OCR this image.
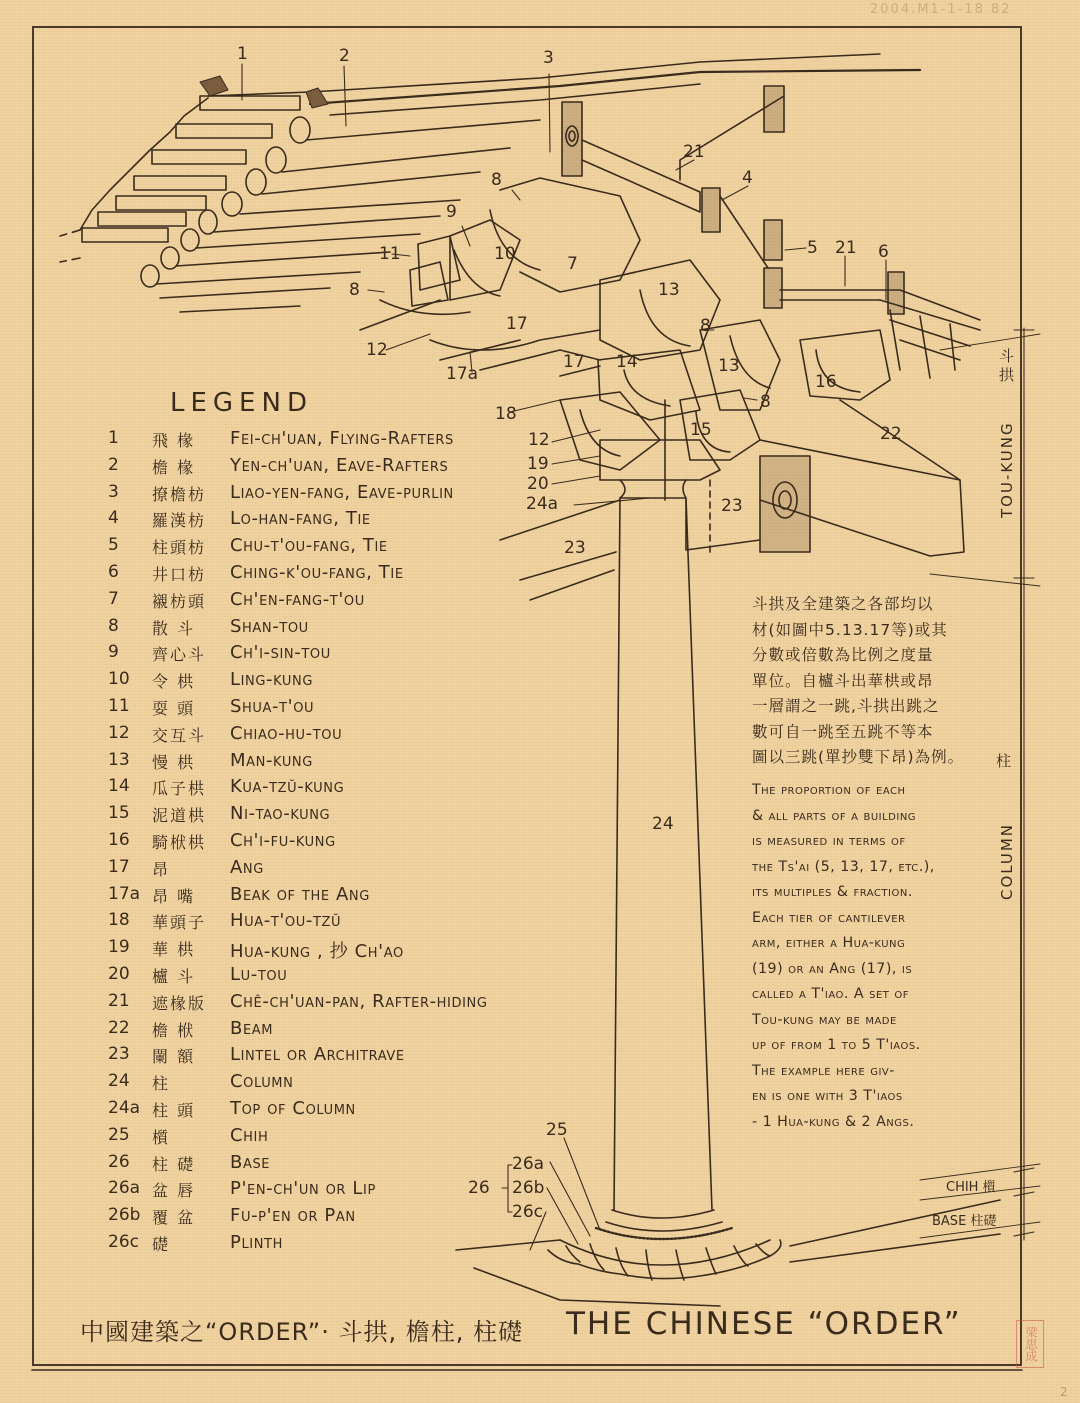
2004.M1-1-18 82
1	2	3
4
5	6
7
8
8
8
8
9
10
11
12
12
13
13
14
15
16
17
17
17a
18
19
20
21
21
22
23
23
24
24a
25
26
26a
26b
26c
斗拱
TOU-KUNG
柱
COLUMN
CHIH 櫍
BASE 柱礎
LEGEND
1	飛 椽	Fei-ch'uan, Flying-Rafters
2	檐 椽	Yen-ch'uan, Eave-Rafters
3	撩檐枋	Liao-yen-fang, Eave-purlin
4	羅漢枋	Lo-han-fang, Tie
5	柱頭枋	Chu-t'ou-fang, Tie
6	井口枋	Ching-k'ou-fang, Tie
7	襯枋頭	Ch'en-fang-t'ou
8	散 斗	Shan-tou
9	齊心斗	Ch'i-sin-tou
10	令 栱	Ling-kung
11	耍 頭	Shua-t'ou
12	交互斗	Chiao-hu-tou
13	慢 栱	Man-kung
14	瓜子栱	Kua-tzŭ-kung
15	泥道栱	Ni-tao-kung
16	騎栿栱	Ch'i-fu-kung
17	昂	Ang
17a 昂 嘴	Beak of the Ang
18	華頭子	Hua-t'ou-tzŭ
19	華 栱	Hua-kung , 抄 Ch'ao
20	櫨 斗	Lu-tou
21	遮椽版	Chê-ch'uan-pan, Rafter-hiding
22	檐 栿	Beam
23	闌 額	Lintel or Architrave
24	柱	Column
24a 柱 頭	Top of Column
25	櫍	Chih
26	柱 礎	Base
26a 盆 唇	P'en-ch'un or Lip
26b 覆 盆	Fu-p'en or Pan
26c 礎	Plinth
斗拱及全建築之各部均以
材(如圖中5.13.17等)或其
分數或倍數為比例之度量
單位。自櫨斗出華栱或昂
一層謂之一跳,斗拱出跳之
數可自一跳至五跳不等本
圖以三跳(單抄雙下昂)為例。
The proportion of each
& all parts of a building
is measured in terms of
the Ts'ai (5, 13, 17, etc.),
its multiples & fraction.
Each tier of cantilever
arm, either a Hua-kung
(19) or an Ang (17), is
called a T'iao. A set of
Tou-kung may be made
up of from 1 to 5 T'iaos.
The example here giv-
en is one with 3 T'iaos
- 1 Hua-kung & 2 Angs.
中國建築之“ORDER”· 斗拱, 檐柱, 柱礎 THE CHINESE “ORDER”
梁思成
2
